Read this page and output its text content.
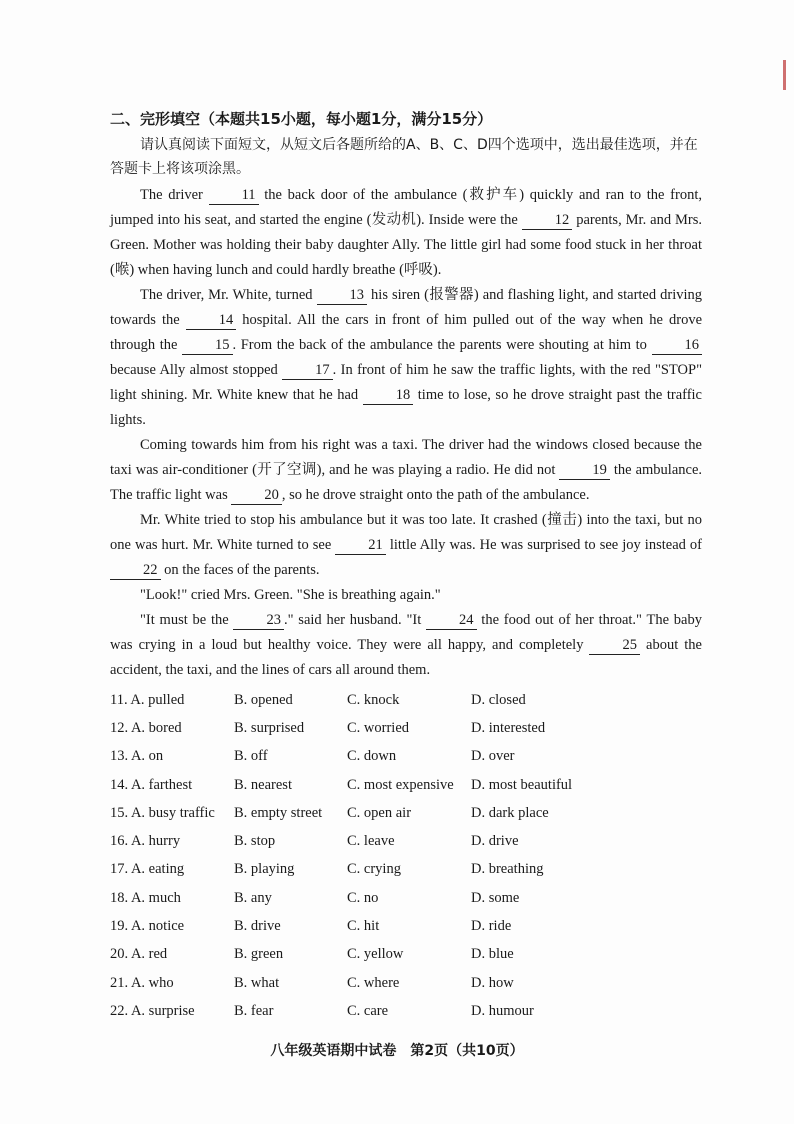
二、完形填空（本题共15小题，每小题1分，满分15分）
请认真阅读下面短文，从短文后各题所给的A、B、C、D四个选项中，选出最佳选项，并在答题卡上将该项涂黑。

The driver 11 the back door of the ambulance (救护车) quickly and ran to the front, jumped into his seat, and started the engine (发动机). Inside were the 12 parents, Mr. and Mrs. Green. Mother was holding their baby daughter Ally. The little girl had some food stuck in her throat (喉) when having lunch and could hardly breathe (呼吸).

The driver, Mr. White, turned 13 his siren (报警器) and flashing light, and started driving towards the 14 hospital. All the cars in front of him pulled out of the way when he drove through the 15 . From the back of the ambulance the parents were shouting at him to 16 because Ally almost stopped 17 . In front of him he saw the traffic lights, with the red "STOP" light shining. Mr. White knew that he had 18 time to lose, so he drove straight past the traffic lights.

Coming towards him from his right was a taxi. The driver had the windows closed because the taxi was air-conditioner (开了空调), and he was playing a radio. He did not 19 the ambulance. The traffic light was 20 , so he drove straight onto the path of the ambulance.

Mr. White tried to stop his ambulance but it was too late. It crashed (撞击) into the taxi, but no one was hurt. Mr. White turned to see 21 little Ally was. He was surprised to see joy instead of 22 on the faces of the parents.

"Look!" cried Mrs. Green. "She is breathing again."

"It must be the 23 ." said her husband. "It 24 the food out of her throat." The baby was crying in a loud but healthy voice. They were all happy, and completely 25 about the accident, the taxi, and the lines of cars all around them.

11. A. pulled	B. opened	C. knock	D. closed
12. A. bored	B. surprised	C. worried	D. interested
13. A. on	B. off	C. down	D. over
14. A. farthest	B. nearest	C. most expensive	D. most beautiful
15. A. busy traffic	B. empty street	C. open air	D. dark place
16. A. hurry	B. stop	C. leave	D. drive
17. A. eating	B. playing	C. crying	D. breathing
18. A. much	B. any	C. no	D. some
19. A. notice	B. drive	C. hit	D. ride
20. A. red	B. green	C. yellow	D. blue
21. A. who	B. what	C. where	D. how
22. A. surprise	B. fear	C. care	D. humour
八年级英语期中试卷　第2页（共10页）
